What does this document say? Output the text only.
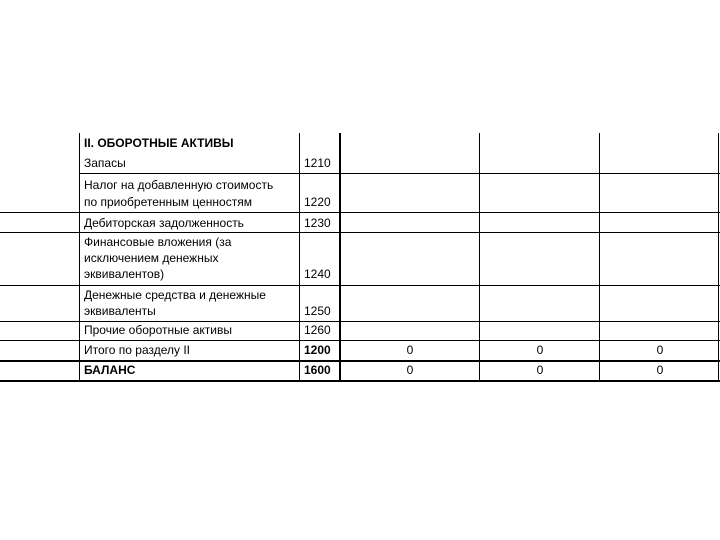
II. ОБОРОТНЫЕ АКТИВЫ
Запасы	1210
Налог на добавленную стоимость
по приобретенным ценностям	1220
Дебиторская задолженность	1230
Финансовые вложения (за
исключением денежных
эквивалентов)	1240
Денежные средства и денежные
эквиваленты	1250
Прочие оборотные активы	1260
Итого по разделу II	1200	0	0	0
БАЛАНС	1600	0	0	0
